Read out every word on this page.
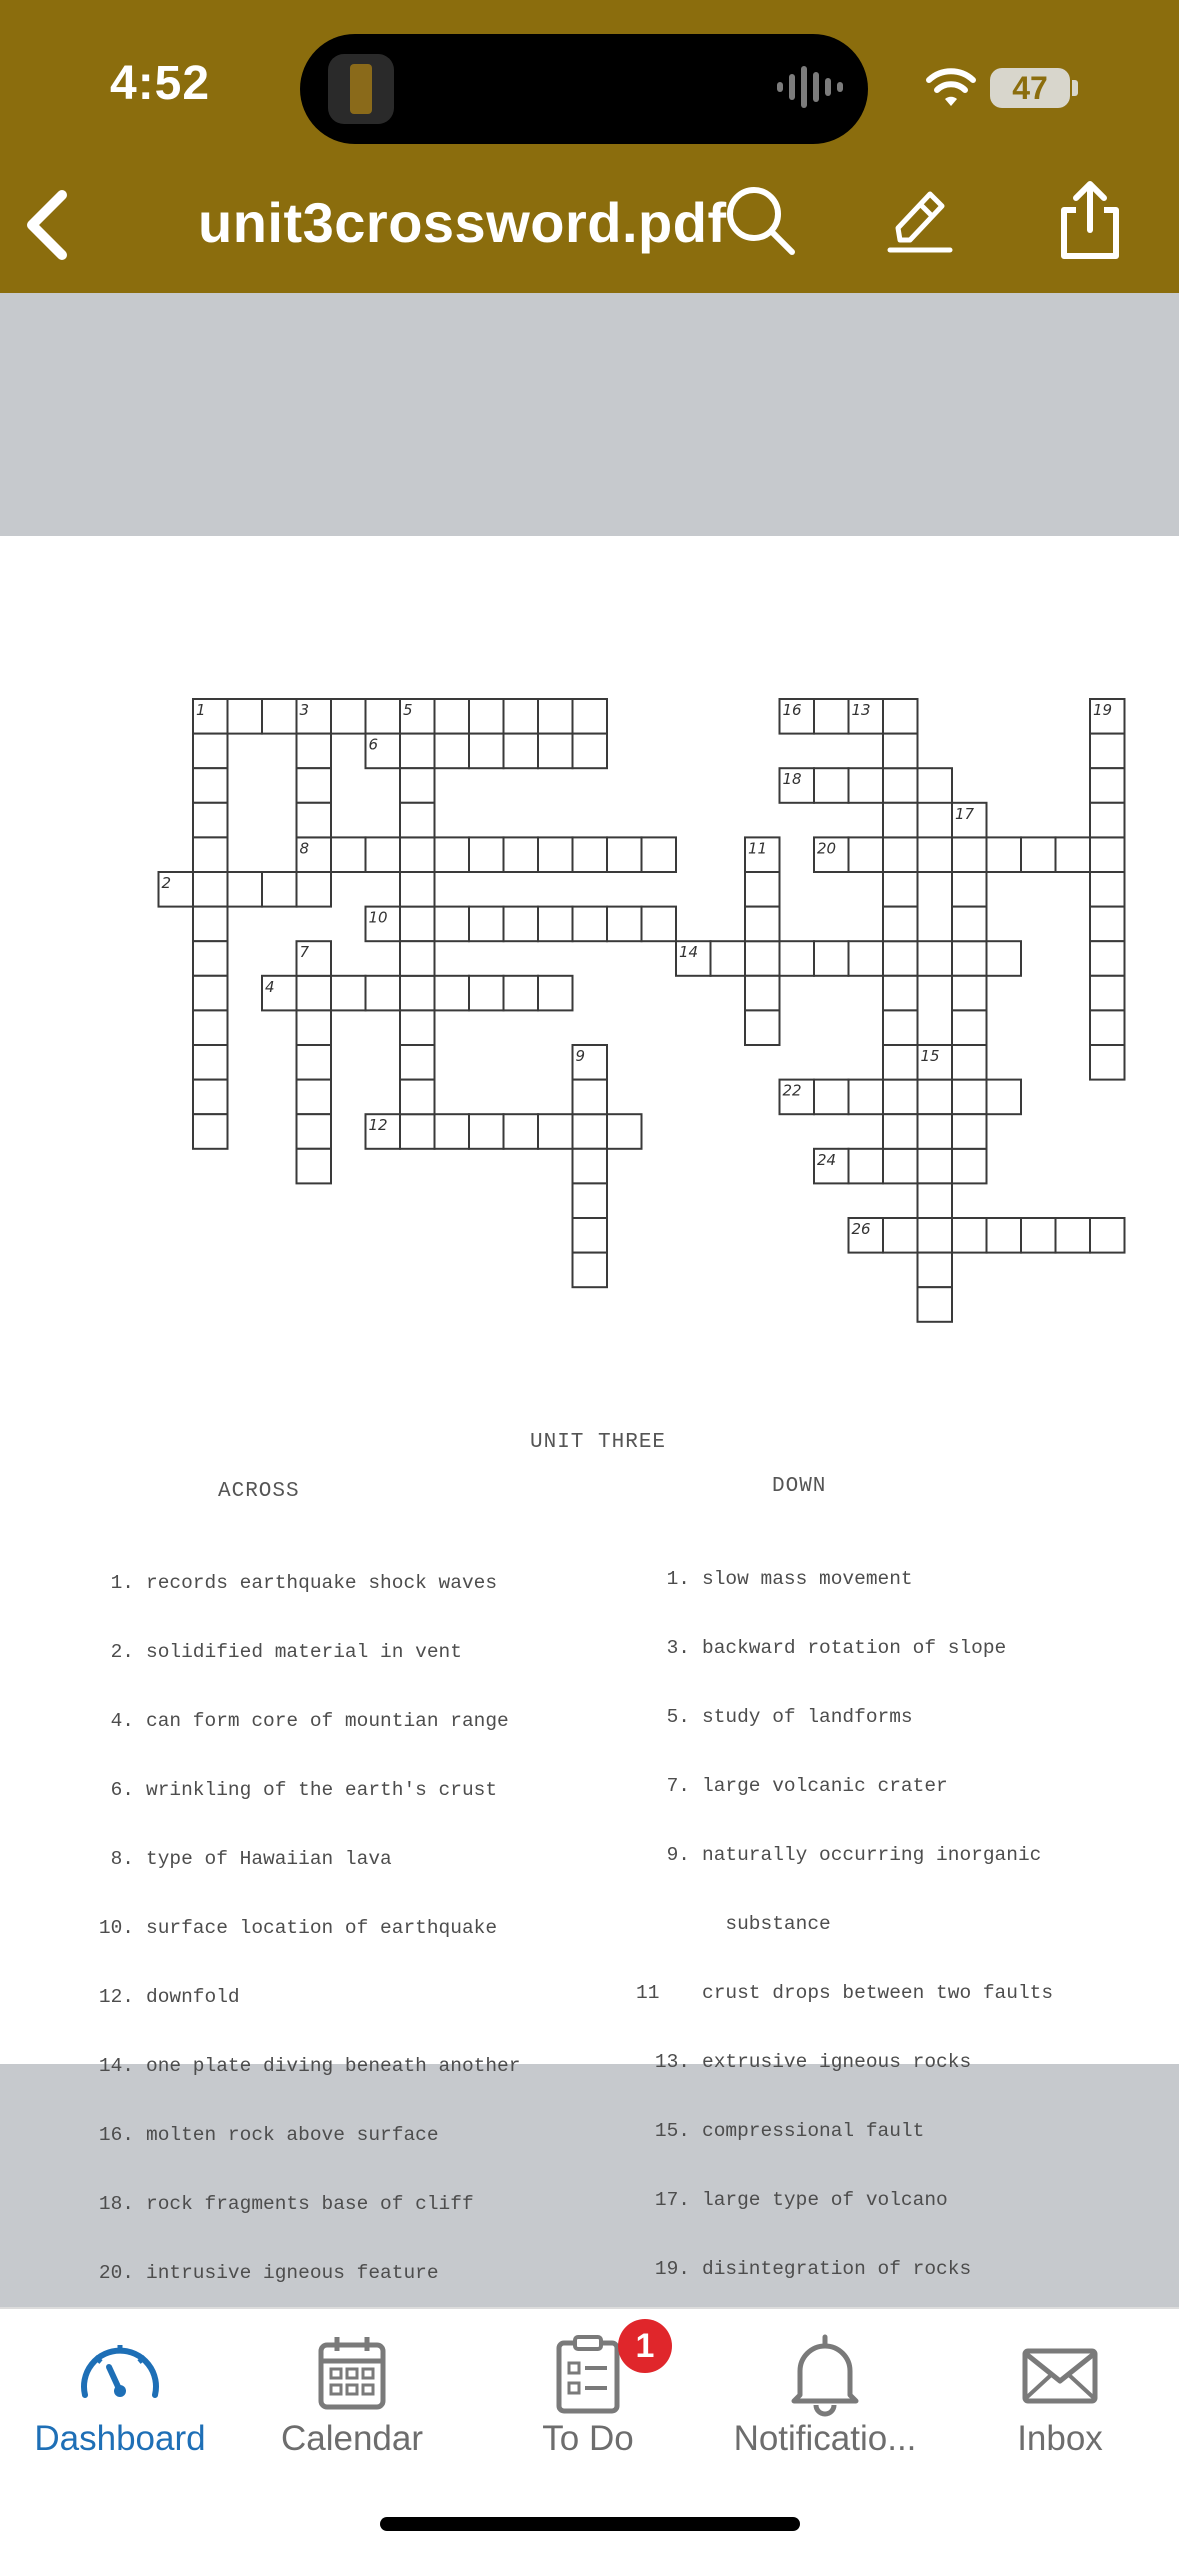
4:52	47
unit3crossword.pdf
1	3	5	16	13	19
6
18
17
8	11	20
2
10
7	14
4
9	15
22
12
24
26
UNIT THREE
ACROSS	DOWN

1. records earthquake shock waves

2. solidified material in vent

4. can form core of mountian range

6. wrinkling of the earth's crust

8. type of Hawaiian lava

10. surface location of earthquake

12. downfold

14. one plate diving beneath another

16. molten rock above surface

18. rock fragments base of cliff

20. intrusive igneous feature

1. slow mass movement

3. backward rotation of slope

5. study of landforms

7. large volcanic crater

9. naturally occurring inorganic

substance

11	crust drops between two faults

13. extrusive igneous rocks

15. compressional fault

17. large type of volcano

19. disintegration of rocks

Dashboard	Calendar
1
To Do	Notificatio...	Inbox
